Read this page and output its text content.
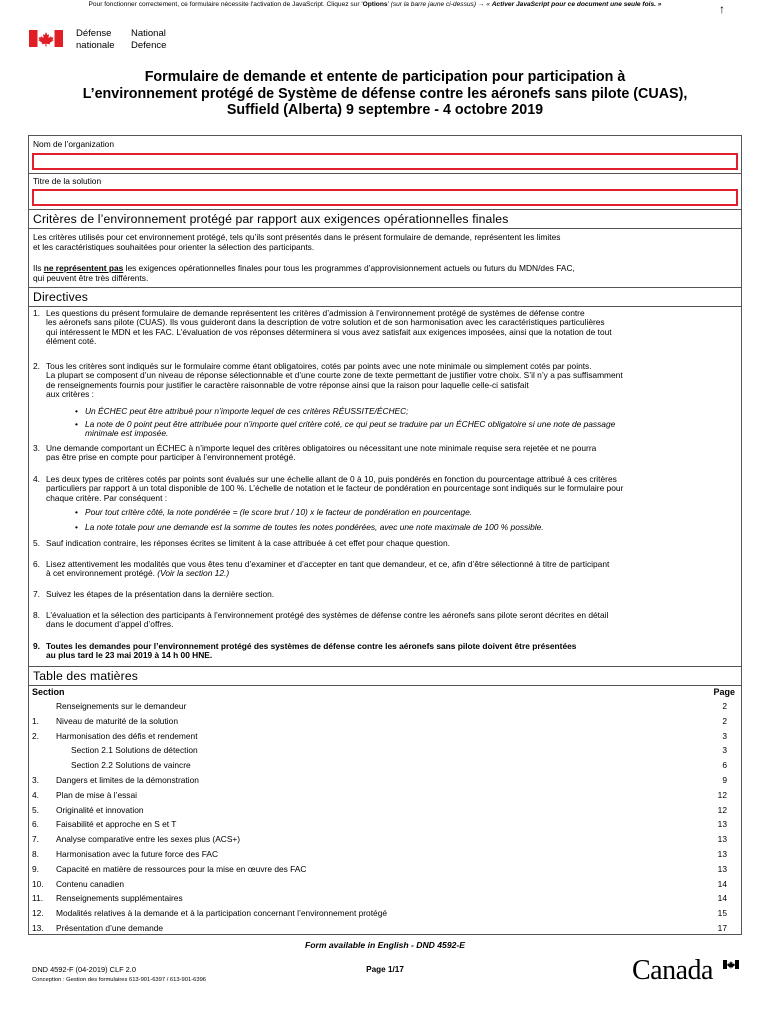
Pour fonctionner correctement, ce formulaire nécessite l'activation de JavaScript. Cliquez sur 'Options' (sur la barre jaune ci-dessus) → « Activer JavaScript pour ce document une seule fois. »	↑
Défense
nationale
National
Defence
Formulaire de demande et entente de participation pour participation à
L’environnement protégé de Système de défense contre les aéronefs sans pilote (CUAS),
Suffield (Alberta) 9 septembre - 4 octobre 2019
Nom de l’organization
Titre de la solution
Critères de l’environnement protégé par rapport aux exigences opérationnelles finales
Les critères utilisés pour cet environnement protégé, tels qu’ils sont présentés dans le présent formulaire de demande, représentent les limites
et les caractéristiques souhaitées pour orienter la sélection des participants.
Ils ne représentent pas les exigences opérationnelles finales pour tous les programmes d’approvisionnement actuels ou futurs du MDN/des FAC,
qui peuvent être très différents.
Directives
1. Les questions du présent formulaire de demande représentent les critères d’admission à l’environnement protégé de systèmes de défense contre
les aéronefs sans pilote (CUAS). Ils vous guideront dans la description de votre solution et de son harmonisation avec les caractéristiques particulières
qui intéressent le MDN et les FAC. L’évaluation de vos réponses déterminera si vous avez satisfait aux exigences imposées, ainsi que la notation de tout
élément coté.
2. Tous les critères sont indiqués sur le formulaire comme étant obligatoires, cotés par points avec une note minimale ou simplement cotés par points.
La plupart se composent d’un niveau de réponse sélectionnable et d’une courte zone de texte permettant de justifier votre choix. S’il n’y a pas suffisamment
de renseignements fournis pour justifier le caractère raisonnable de votre réponse ainsi que la raison pour laquelle celle-ci satisfait
aux critères :
• Un ÉCHEC peut être attribué pour n’importe lequel de ces critères RÉUSSITE/ÉCHEC;
• La note de 0 point peut être attribuée pour n’importe quel critère coté, ce qui peut se traduire par un ÉCHEC obligatoire si une note de passage
minimale est imposée.
3. Une demande comportant un ÉCHEC à n’importe lequel des critères obligatoires ou nécessitant une note minimale requise sera rejetée et ne pourra
pas être prise en compte pour participer à l’environnement protégé.
4. Les deux types de critères cotés par points sont évalués sur une échelle allant de 0 à 10, puis pondérés en fonction du pourcentage attribué à ces critères
particuliers par rapport à un total disponible de 100 %. L’échelle de notation et le facteur de pondération en pourcentage sont indiqués sur le formulaire pour
chaque critère. Par conséquent :
• Pour tout critère côté, la note pondérée = (le score brut / 10) x le facteur de pondération en pourcentage.
• La note totale pour une demande est la somme de toutes les notes pondérées, avec une note maximale de 100 % possible.
5. Sauf indication contraire, les réponses écrites se limitent à la case attribuée à cet effet pour chaque question.
6. Lisez attentivement les modalités que vous êtes tenu d’examiner et d’accepter en tant que demandeur, et ce, afin d’être sélectionné à titre de participant
à cet environnement protégé. (Voir la section 12.)
7. Suivez les étapes de la présentation dans la dernière section.
8. L’évaluation et la sélection des participants à l’environnement protégé des systèmes de défense contre les aéronefs sans pilote seront décrites en détail
dans le document d’appel d’offres.
9. Toutes les demandes pour l’environnement protégé des systèmes de défense contre les aéronefs sans pilote doivent être présentées
au plus tard le 23 mai 2019 à 14 h 00 HNE.
Table des matières
Section	Page
Renseignements sur le demandeur	2
1. Niveau de maturité de la solution	2
2. Harmonisation des défis et rendement	3
Section 2.1 Solutions de détection	3
Section 2.2 Solutions de vaincre	6
3. Dangers et limites de la démonstration	9
4. Plan de mise à l’essai	12
5. Originalité et innovation	12
6. Faisabilité et approche en S et T	13
7. Analyse comparative entre les sexes plus (ACS+)	13
8. Harmonisation avec la future force des FAC	13
9. Capacité en matière de ressources pour la mise en œuvre des FAC	13
10. Contenu canadien	14
11. Renseignements supplémentaires	14
12. Modalités relatives à la demande et à la participation concernant l’environnement protégé	15
13. Présentation d’une demande	17
Form available in English - DND 4592-E
DND 4592-F (04-2019) CLF 2.0
Conception : Gestion des formulaires 613-901-6397 / 613-901-6396
Page 1/17	Canada
